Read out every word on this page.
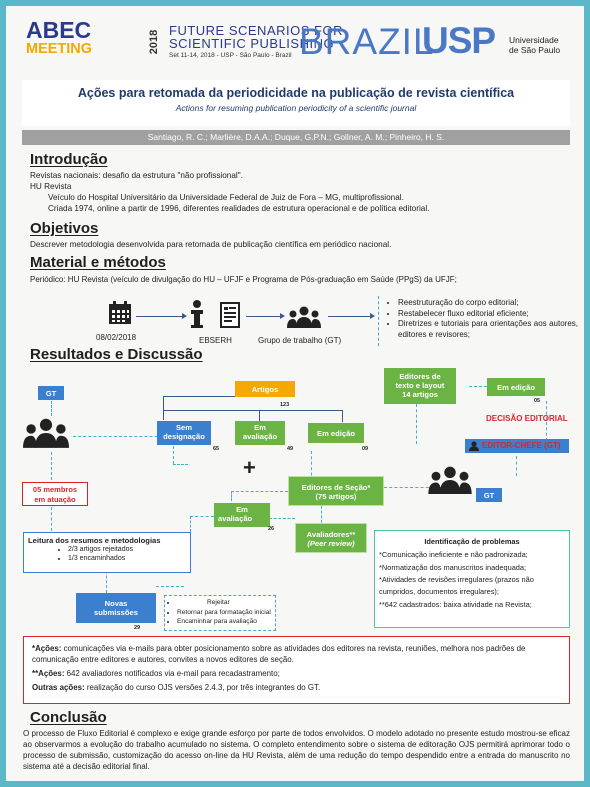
ABEC
MEETING	2018 FUTURE SCENARIOS FOR
SCIENTIFIC PUBLISHING
Set 11-14, 2018 - USP - São Paulo - Brazil BRAZIL
USP Universidade
de São Paulo
Ações para retomada da periodicidade na publicação de revista científica
Actions for resuming publication periodicity of a scientific journal
Santiago, R. C.; Marlière, D.A.A.; Duque, G.P.N.; Gollner, A. M.; Pinheiro, H. S.
Introdução
Revistas nacionais: desafio da estrutura "não profissional".
HU Revista
Veículo do Hospital Universitário da Universidade Federal de Juiz de Fora – MG, multiprofissional.
Criada 1974, online a partir de 1996, diferentes realidades de estrutura operacional e de política editorial.
Objetivos
Descrever metodologia desenvolvida para retomada de publicação científica em periódico nacional.
Material e métodos
Periódico: HU Revista (veículo de divulgação do HU – UFJF e Programa de Pós-graduação em Saúde (PPgS) da UFJF;
08/02/2018	EBSERH	Grupo de trabalho (GT)
• Reestruturação do corpo editorial;
• Restabelecer fluxo editorial eficiente;
• Diretrizes e tutoriais para orientações aos autores, editores e revisores;
Resultados e Discussão
GT
05 membros
em atuação
Artigos
123
Sem
designação
65
Em
avaliação
49
Em edição
09
Editores de
texto e layout
14 artigos
Em edição
05
DECISÃO EDITORIAL
EDITOR-CHEFE (GT)
+
Editores de Seção*
(75 artigos)	GT
Em
avaliação
26
Avaliadores**
(Peer review)
Leitura dos resumos e metodologias
• 2/3 artigos rejeitados
• 1/3 encaminhados
Novas
submissões
29
• Rejeitar
• Retornar para formatação inicial
• Encaminhar para avaliação
Identificação de problemas
*Comunicação ineficiente e não padronizada;
*Normatização dos manuscritos inadequada;
*Atividades de revisões irregulares (prazos não cumpridos, documentos irregulares);
**642 cadastrados: baixa atividade na Revista;
*Ações: comunicações via e-mails para obter posicionamento sobre as atividades dos editores na revista, reuniões, melhora nos padrões de comunicação entre editores e autores, convites a novos editores de seção.
**Ações: 642 avaliadores notificados via e-mail para recadastramento;
Outras ações: realização do curso OJS versões 2.4.3, por três integrantes do GT.
Conclusão
O processo de Fluxo Editorial é complexo e exige grande esforço por parte de todos envolvidos. O modelo adotado no presente estudo mostrou-se eficaz ao observarmos a evolução do trabalho acumulado no sistema. O completo entendimento sobre o sistema de editoração OJS permitirá aprimorar todo o processo de submissão, customização do acesso on-line da HU Revista, além de uma redução do tempo despendido entre a entrada do manuscrito no sistema até a decisão editorial final.
